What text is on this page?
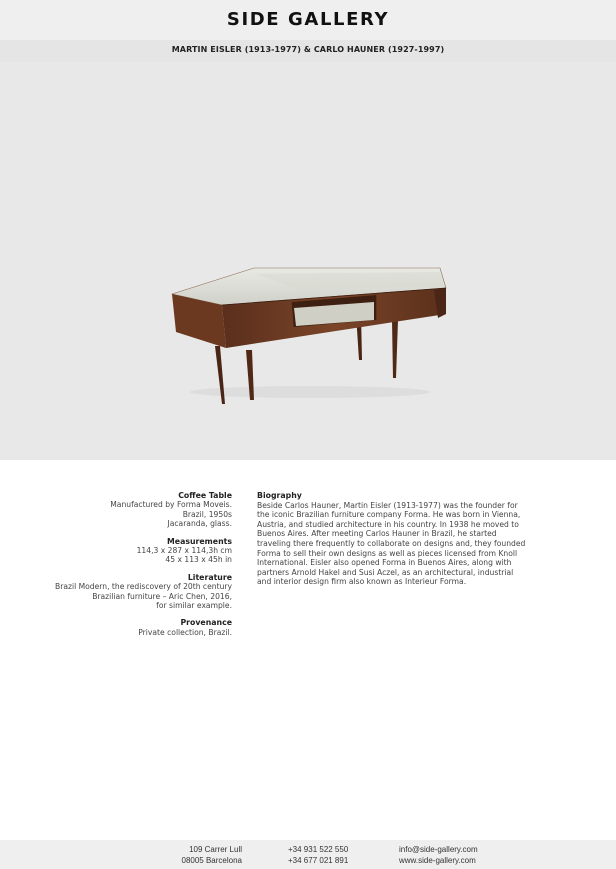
SIDE GALLERY
MARTIN EISLER (1913-1977) & CARLO HAUNER (1927-1997)
Coffee Table
Manufactured by Forma Moveis.
Brazil, 1950s
Jacaranda, glass.
Measurements
114,3 x 287 x 114,3h cm
45 x 113 x 45h in
Literature
Brazil Modern, the rediscovery of 20th century
Brazilian furniture – Aric Chen, 2016,
for similar example.
Provenance
Private collection, Brazil.
Biography
Beside Carlos Hauner, Martin Eisler (1913-1977) was the founder for
the iconic Brazilian furniture company Forma. He was born in Vienna,
Austria, and studied architecture in his country. In 1938 he moved to
Buenos Aires. After meeting Carlos Hauner in Brazil, he started
traveling there frequently to collaborate on designs and, they founded
Forma to sell their own designs as well as pieces licensed from Knoll
International. Eisler also opened Forma in Buenos Aires, along with
partners Arnold Hakel and Susi Aczel, as an architectural, industrial
and interior design firm also known as Interieur Forma.
109 Carrer Lull
08005 Barcelona
+34 931 522 550
+34 677 021 891
info@side-gallery.com
www.side-gallery.com
